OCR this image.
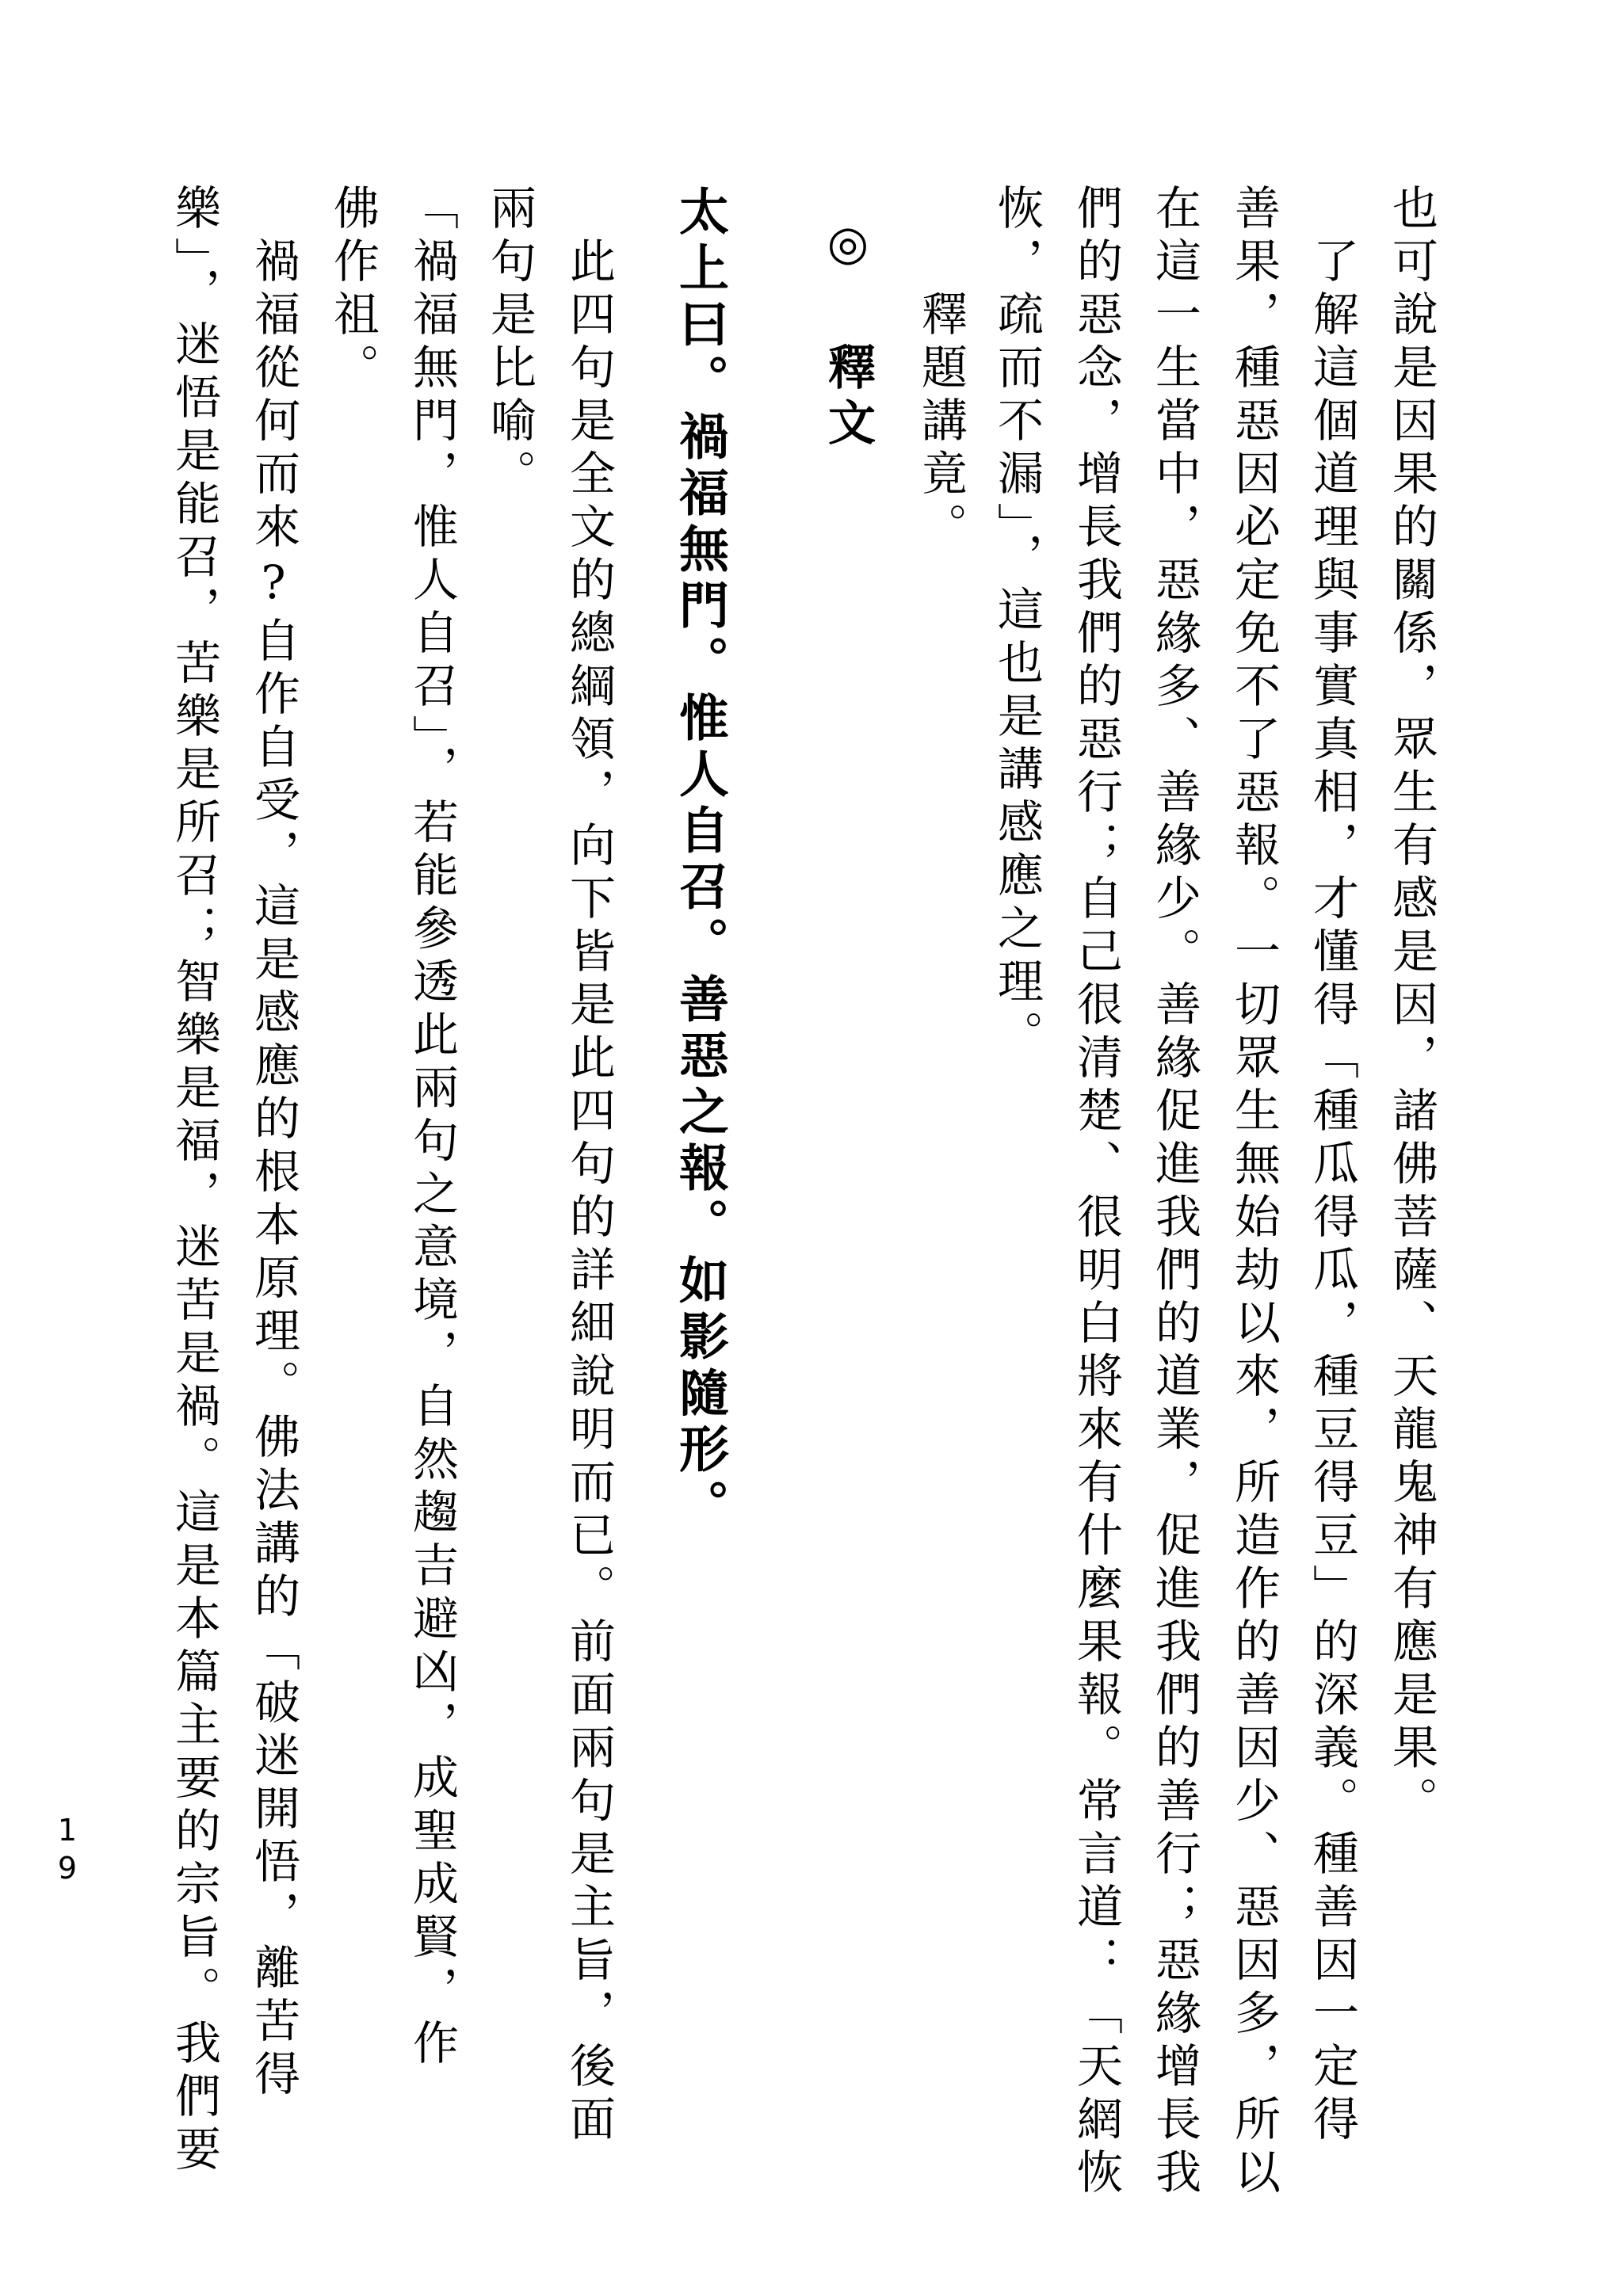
也可說是因果的關係，眾生有感是因，諸佛菩薩、天龍鬼神有應是果。

　了解這個道理與事實真相，才懂得「種瓜得瓜，種豆得豆」的深義。種善因一定得

善果，種惡因必定免不了惡報。一切眾生無始劫以來，所造作的善因少、惡因多，所以

在這一生當中，惡緣多、善緣少。善緣促進我們的道業，促進我們的善行；惡緣增長我

們的惡念，增長我們的惡行；自己很清楚、很明白將來有什麼果報。常言道：「天網恢

恢，疏而不漏」，這也是講感應之理。

　　釋題講竟。

◎ 釋文

太上曰。禍福無門。惟人自召。善惡之報。如影隨形。

　此四句是全文的總綱領，向下皆是此四句的詳細說明而已。前面兩句是主旨，後面

兩句是比喻。

「禍福無門，惟人自召」，若能參透此兩句之意境，自然趨吉避凶，成聖成賢，作

佛作祖。

　禍福從何而來?自作自受，這是感應的根本原理。佛法講的「破迷開悟，離苦得

樂」，迷悟是能召，苦樂是所召；智樂是福，迷苦是禍。這是本篇主要的宗旨。我們要

19
